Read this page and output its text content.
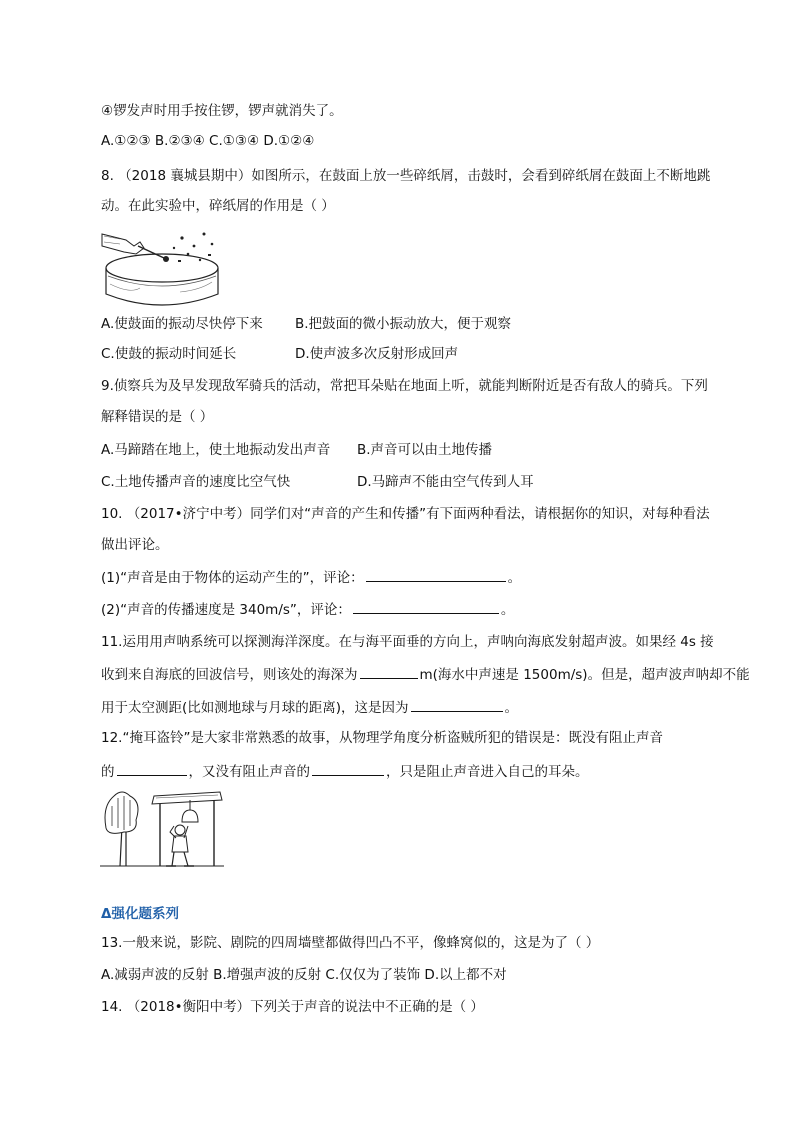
④锣发声时用手按住锣，锣声就消失了。
A.①②③ B.②③④ C.①③④ D.①②④
8. （2018 襄城县期中）如图所示，在鼓面上放一些碎纸屑，击鼓时，会看到碎纸屑在鼓面上不断地跳
动。在此实验中，碎纸屑的作用是（ ）
A.使鼓面的振动尽快停下来 B.把鼓面的微小振动放大，便于观察
C.使鼓的振动时间延长	D.使声波多次反射形成回声
9.侦察兵为及早发现敌军骑兵的活动，常把耳朵贴在地面上听，就能判断附近是否有敌人的骑兵。下列
解释错误的是（ ）
A.马蹄踏在地上，使土地振动发出声音 B.声音可以由土地传播
C.土地传播声音的速度比空气快	D.马蹄声不能由空气传到人耳
10. （2017•济宁中考）同学们对“声音的产生和传播”有下面两种看法，请根据你的知识，对每种看法
做出评论。
(1)“声音是由于物体的运动产生的”，评论：	。
(2)“声音的传播速度是 340m/s”，评论：	。
11.运用用声呐系统可以探测海洋深度。在与海平面垂的方向上，声呐向海底发射超声波。如果经 4s 接
收到来自海底的回波信号，则该处的海深为	m(海水中声速是 1500m/s)。但是，超声波声呐却不能
用于太空测距(比如测地球与月球的距离)，这是因为	。
12.“掩耳盗铃”是大家非常熟悉的故事，从物理学角度分析盗贼所犯的错误是：既没有阻止声音
的	，又没有阻止声音的	，只是阻止声音进入自己的耳朵。
Δ强化题系列
13.一般来说，影院、剧院的四周墙壁都做得凹凸不平，像蜂窝似的，这是为了（ ）
A.减弱声波的反射 B.增强声波的反射 C.仅仅为了装饰 D.以上都不对
14. （2018•衡阳中考）下列关于声音的说法中不正确的是（ ）
